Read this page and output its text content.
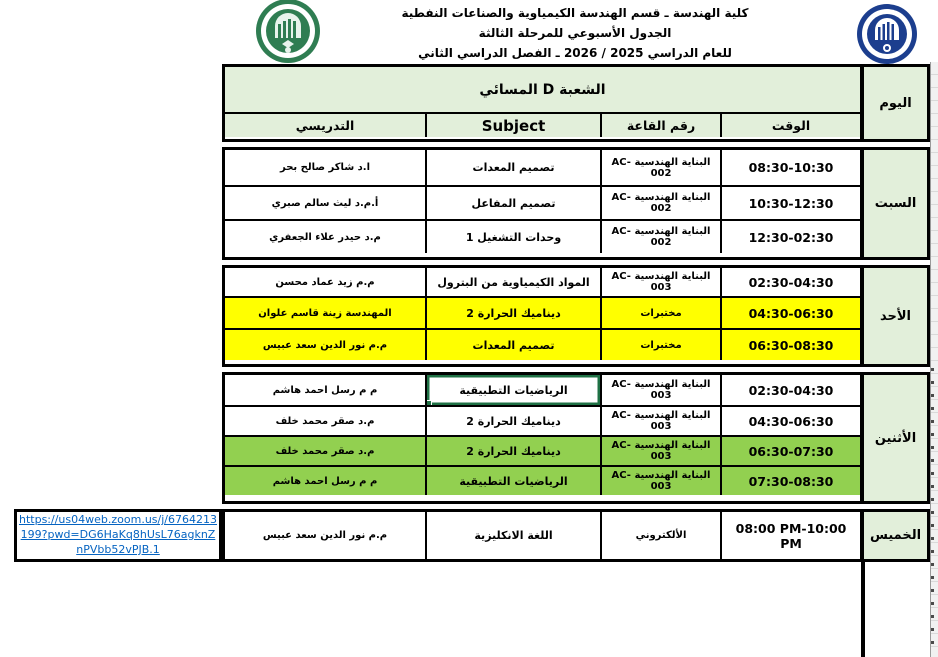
كلية الهندسة ـ قسم الهندسة الكيمياوية والصناعات النفطية
الجدول الأسبوعي للمرحلة الثالثة
للعام الدراسي 2025 / 2026 ـ الفصل الدراسي الثاني
الشعبة D المسائي
التدريسي	Subject	رقم القاعة	الوقت
اليوم
ا.د شاكر صالح بحر	تصميم المعدات	البناية الهندسية AC-002	08:30-10:30
أ.م.د ليث سالم صبري	تصميم المفاعل	البناية الهندسية AC-002	10:30-12:30
م.د حيدر علاء الجعفري	وحدات التشغيل 1	البناية الهندسية AC-002	12:30-02:30
السبت
م.م زيد عماد محسن	المواد الكيمياوية من البترول	البناية الهندسية AC-003	02:30-04:30
المهندسة زينة قاسم علوان	ديناميك الحرارة 2	مختبرات	04:30-06:30
م.م نور الدين سعد عبيس	تصميم المعدات	مختبرات	06:30-08:30
الأحد
م م رسل احمد هاشم	الرياضيات التطبيقية	البناية الهندسية AC-003	02:30-04:30
م.د صقر محمد خلف	ديناميك الحرارة 2	البناية الهندسية AC-003	04:30-06:30
م.د صقر محمد خلف	ديناميك الحرارة 2	البناية الهندسية AC-003	06:30-07:30
م م رسل احمد هاشم	الرياضيات التطبيقية	البناية الهندسية AC-003	07:30-08:30
الأثنين
م.م نور الدين سعد عبيس	اللغة الانكليزية	الألكتروني	08:00 PM-10:00 PM	الخميس
https://us04web.zoom.us/j/6764213199?pwd=DG6HaKq8hUsL76agknZnPVbb52vPJB.1
